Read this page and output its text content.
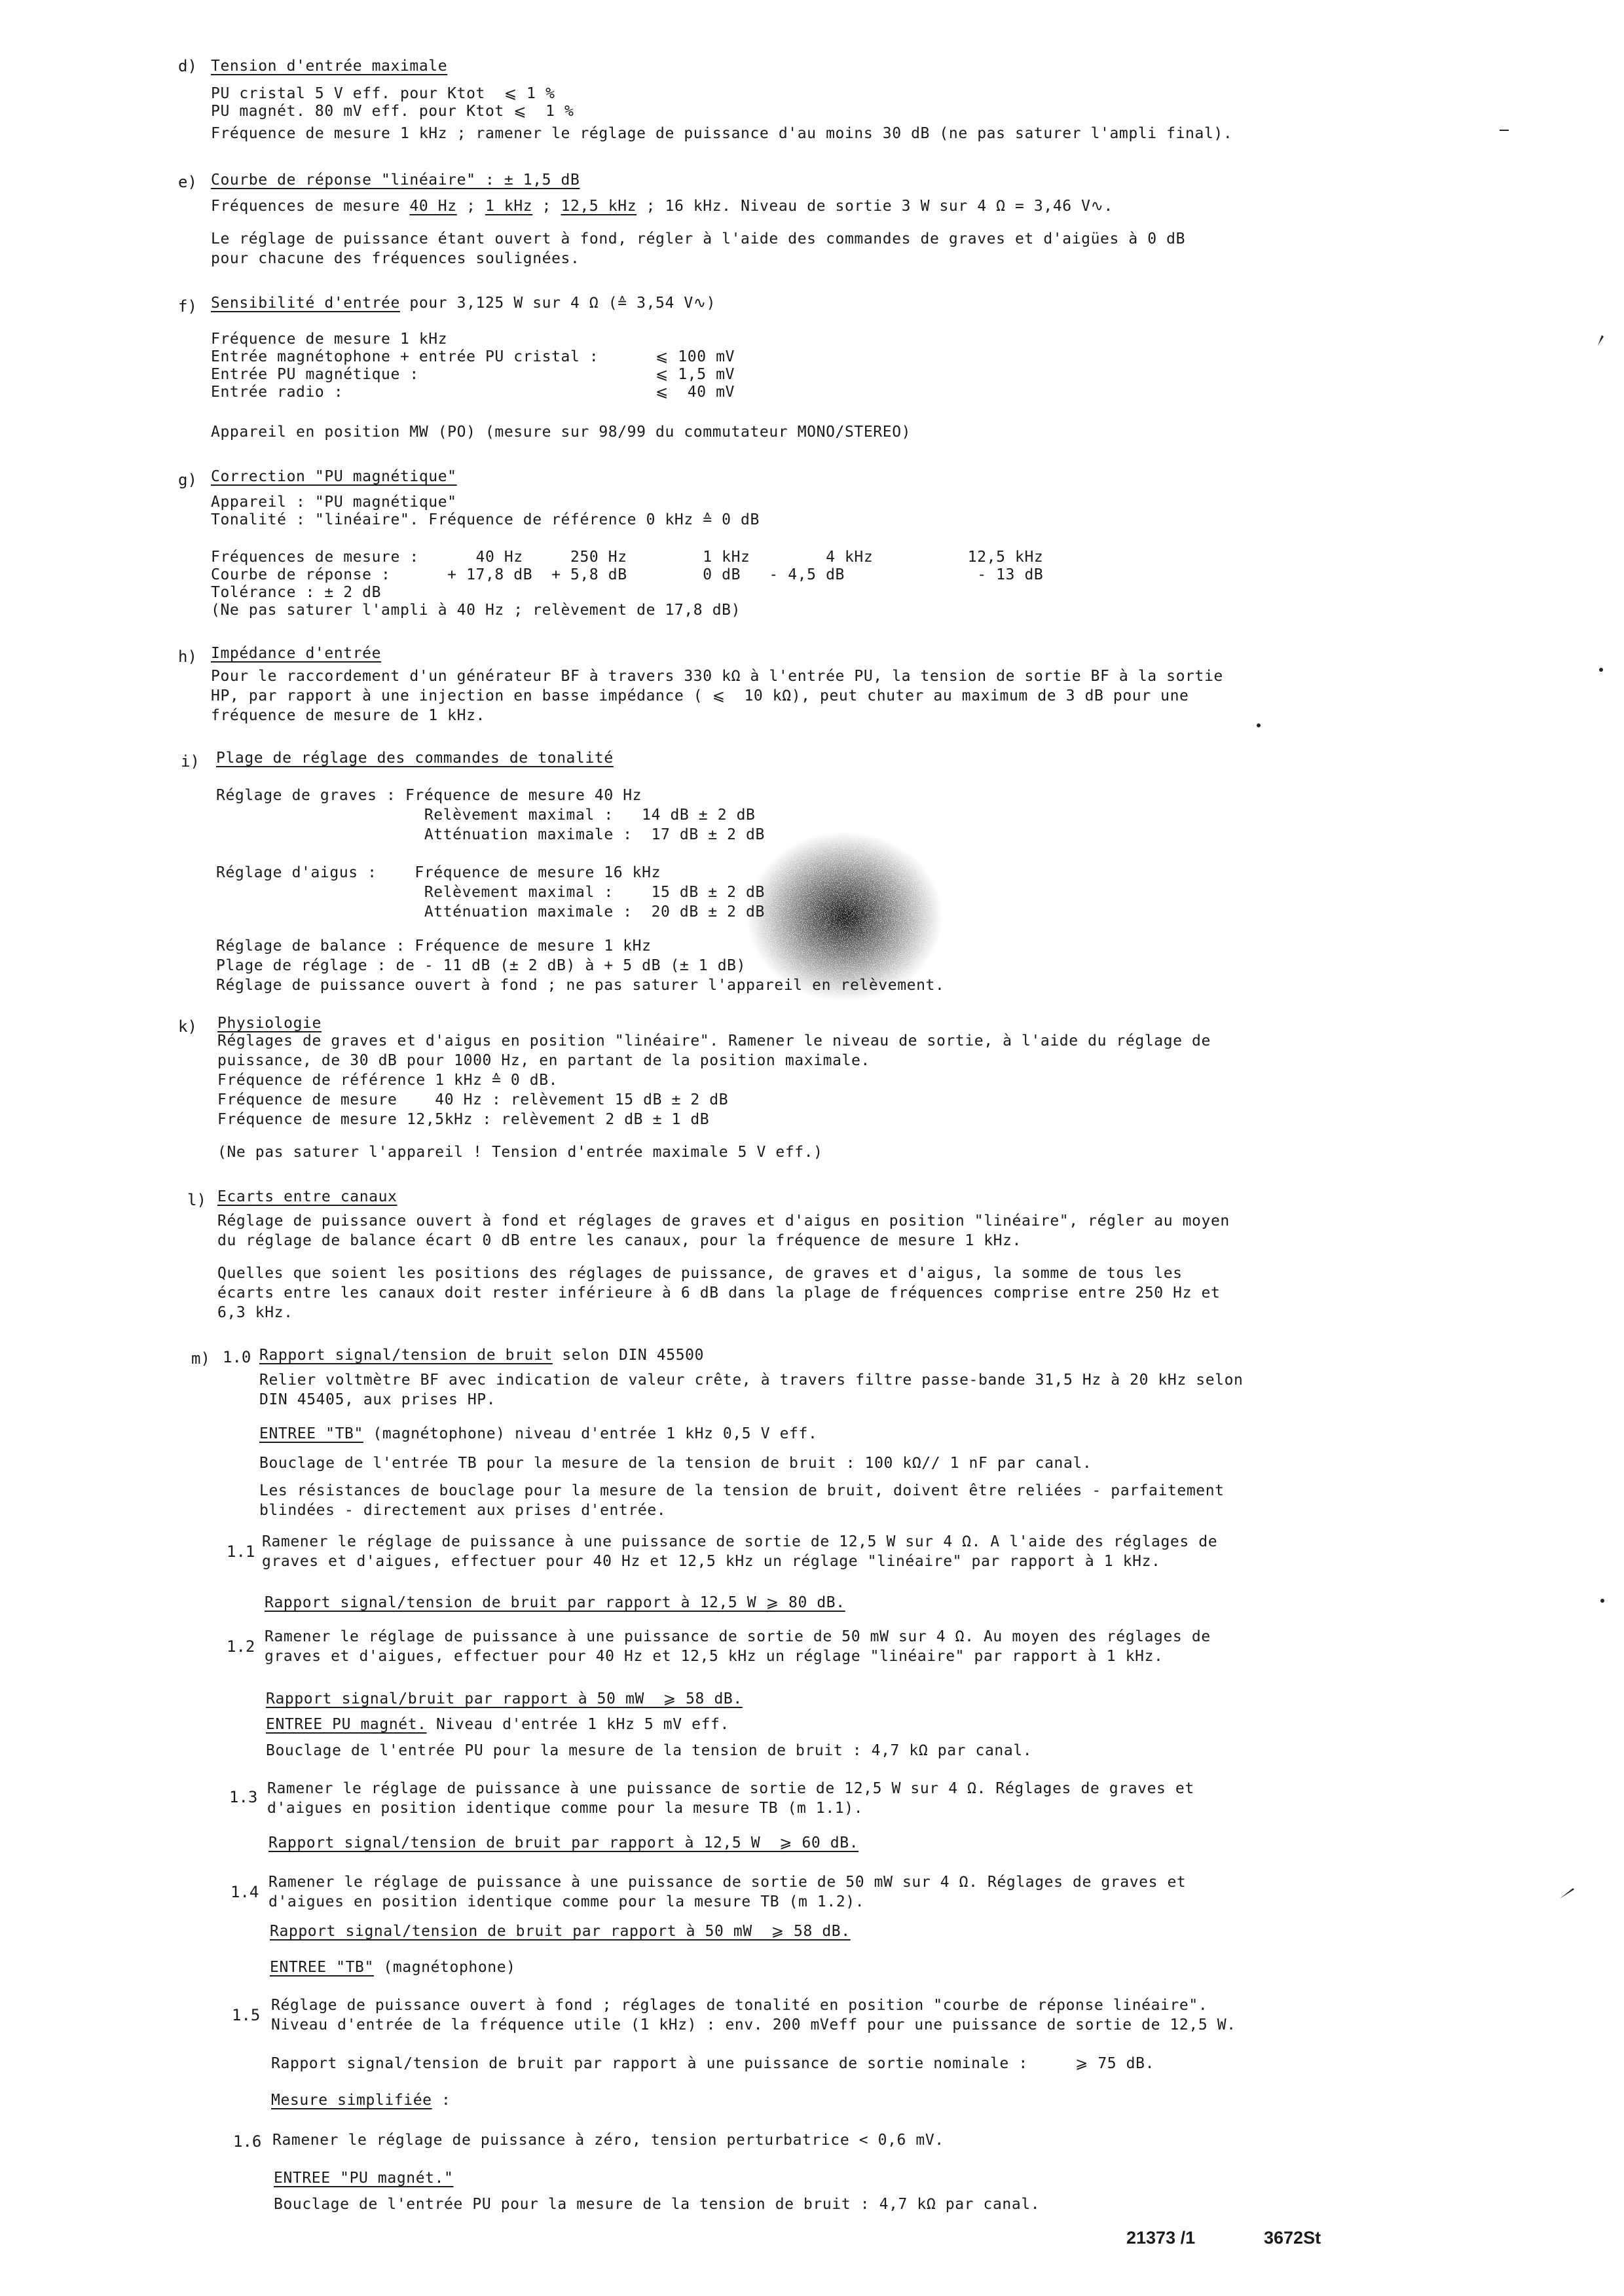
d) Tension d'entrée maximale
PU cristal 5 V eff. pour Ktot  ⩽ 1 %
PU magnét. 80 mV eff. pour Ktot ⩽  1 %
Fréquence de mesure 1 kHz ; ramener le réglage de puissance d'au moins 30 dB (ne pas saturer l'ampli final).
e) Courbe de réponse "linéaire" : ± 1,5 dB
Fréquences de mesure 40 Hz ; 1 kHz ; 12,5 kHz ; 16 kHz. Niveau de sortie 3 W sur 4 Ω = 3,46 V∿.
Le réglage de puissance étant ouvert à fond, régler à l'aide des commandes de graves et d'aigües à 0 dB
pour chacune des fréquences soulignées.
f) Sensibilité d'entrée pour 3,125 W sur 4 Ω (≙ 3,54 V∿)
Fréquence de mesure 1 kHz
Entrée magnétophone + entrée PU cristal :      ⩽ 100 mV
Entrée PU magnétique :                         ⩽ 1,5 mV
Entrée radio :                                 ⩽  40 mV
Appareil en position MW (PO) (mesure sur 98/99 du commutateur MONO/STEREO)
g) Correction "PU magnétique"
Appareil : "PU magnétique"
Tonalité : "linéaire". Fréquence de référence 0 kHz ≙ 0 dB
Fréquences de mesure :      40 Hz     250 Hz        1 kHz        4 kHz          12,5 kHz
Courbe de réponse :      + 17,8 dB  + 5,8 dB        0 dB   - 4,5 dB              - 13 dB
Tolérance : ± 2 dB
(Ne pas saturer l'ampli à 40 Hz ; relèvement de 17,8 dB)
h) Impédance d'entrée
Pour le raccordement d'un générateur BF à travers 330 kΩ à l'entrée PU, la tension de sortie BF à la sortie
HP, par rapport à une injection en basse impédance ( ⩽  10 kΩ), peut chuter au maximum de 3 dB pour une
fréquence de mesure de 1 kHz.
i) Plage de réglage des commandes de tonalité
Réglage de graves : Fréquence de mesure 40 Hz
Relèvement maximal :   14 dB ± 2 dB
Atténuation maximale :  17 dB ± 2 dB
Réglage d'aigus :    Fréquence de mesure 16 kHz
Relèvement maximal :    15 dB ± 2 dB
Atténuation maximale :  20 dB ± 2 dB
Réglage de balance : Fréquence de mesure 1 kHz
Plage de réglage : de - 11 dB (± 2 dB) à + 5 dB (± 1 dB)
Réglage de puissance ouvert à fond ; ne pas saturer l'appareil en relèvement.
k) Physiologie
Réglages de graves et d'aigus en position "linéaire". Ramener le niveau de sortie, à l'aide du réglage de
puissance, de 30 dB pour 1000 Hz, en partant de la position maximale.
Fréquence de référence 1 kHz ≙ 0 dB.
Fréquence de mesure    40 Hz : relèvement 15 dB ± 2 dB
Fréquence de mesure 12,5kHz : relèvement 2 dB ± 1 dB
(Ne pas saturer l'appareil ! Tension d'entrée maximale 5 V eff.)
l) Ecarts entre canaux
Réglage de puissance ouvert à fond et réglages de graves et d'aigus en position "linéaire", régler au moyen
du réglage de balance écart 0 dB entre les canaux, pour la fréquence de mesure 1 kHz.
Quelles que soient les positions des réglages de puissance, de graves et d'aigus, la somme de tous les
écarts entre les canaux doit rester inférieure à 6 dB dans la plage de fréquences comprise entre 250 Hz et
6,3 kHz.
m) 1.0 Rapport signal/tension de bruit selon DIN 45500
Relier voltmètre BF avec indication de valeur crête, à travers filtre passe-bande 31,5 Hz à 20 kHz selon
DIN 45405, aux prises HP.
ENTREE "TB" (magnétophone) niveau d'entrée 1 kHz 0,5 V eff.
Bouclage de l'entrée TB pour la mesure de la tension de bruit : 100 kΩ// 1 nF par canal.
Les résistances de bouclage pour la mesure de la tension de bruit, doivent être reliées - parfaitement
blindées - directement aux prises d'entrée.
1.1
Ramener le réglage de puissance à une puissance de sortie de 12,5 W sur 4 Ω. A l'aide des réglages de
graves et d'aigues, effectuer pour 40 Hz et 12,5 kHz un réglage "linéaire" par rapport à 1 kHz.
Rapport signal/tension de bruit par rapport à 12,5 W ⩾ 80 dB.
1.2
Ramener le réglage de puissance à une puissance de sortie de 50 mW sur 4 Ω. Au moyen des réglages de
graves et d'aigues, effectuer pour 40 Hz et 12,5 kHz un réglage "linéaire" par rapport à 1 kHz.
Rapport signal/bruit par rapport à 50 mW  ⩾ 58 dB.
ENTREE PU magnét. Niveau d'entrée 1 kHz 5 mV eff.
Bouclage de l'entrée PU pour la mesure de la tension de bruit : 4,7 kΩ par canal.
1.3 Ramener le réglage de puissance à une puissance de sortie de 12,5 W sur 4 Ω. Réglages de graves et
d'aigues en position identique comme pour la mesure TB (m 1.1).
Rapport signal/tension de bruit par rapport à 12,5 W  ⩾ 60 dB.
1.4
Ramener le réglage de puissance à une puissance de sortie de 50 mW sur 4 Ω. Réglages de graves et
d'aigues en position identique comme pour la mesure TB (m 1.2).
Rapport signal/tension de bruit par rapport à 50 mW  ⩾ 58 dB.
ENTREE "TB" (magnétophone)
1.5
Réglage de puissance ouvert à fond ; réglages de tonalité en position "courbe de réponse linéaire".
Niveau d'entrée de la fréquence utile (1 kHz) : env. 200 mVeff pour une puissance de sortie de 12,5 W.
Rapport signal/tension de bruit par rapport à une puissance de sortie nominale :     ⩾ 75 dB.
Mesure simplifiée :
1.6 Ramener le réglage de puissance à zéro, tension perturbatrice < 0,6 mV.
ENTREE "PU magnét."
Bouclage de l'entrée PU pour la mesure de la tension de bruit : 4,7 kΩ par canal.
21373 /1	3672St
